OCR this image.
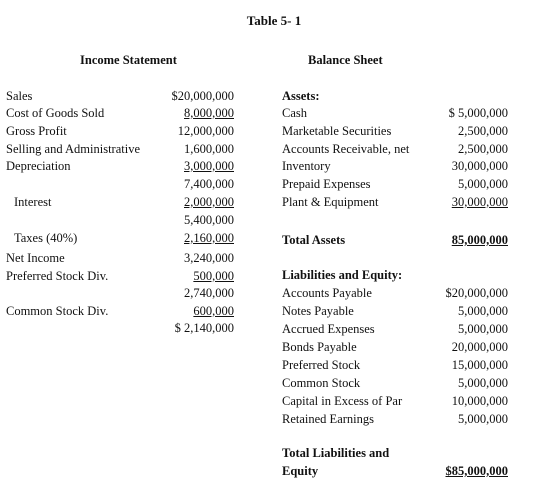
Table 5- 1
Income Statement	Balance Sheet
Sales	$20,000,000
Cost of Goods Sold	8,000,000
Gross Profit	12,000,000
Selling and Administrative	1,600,000
Depreciation	3,000,000
7,400,000
Interest	2,000,000
5,400,000
Taxes (40%)	2,160,000
Net Income	3,240,000
Preferred Stock Div.	500,000
2,740,000
Common Stock Div.	600,000
$ 2,140,000
Assets:
Cash	$ 5,000,000
Marketable Securities	2,500,000
Accounts Receivable, net	2,500,000
Inventory	30,000,000
Prepaid Expenses	5,000,000
Plant & Equipment	30,000,000
Total Assets	85,000,000
Liabilities and Equity:
Accounts Payable	$20,000,000
Notes Payable	5,000,000
Accrued Expenses	5,000,000
Bonds Payable	20,000,000
Preferred Stock	15,000,000
Common Stock	5,000,000
Capital in Excess of Par	10,000,000
Retained Earnings	5,000,000
Total Liabilities and
Equity	$85,000,000
